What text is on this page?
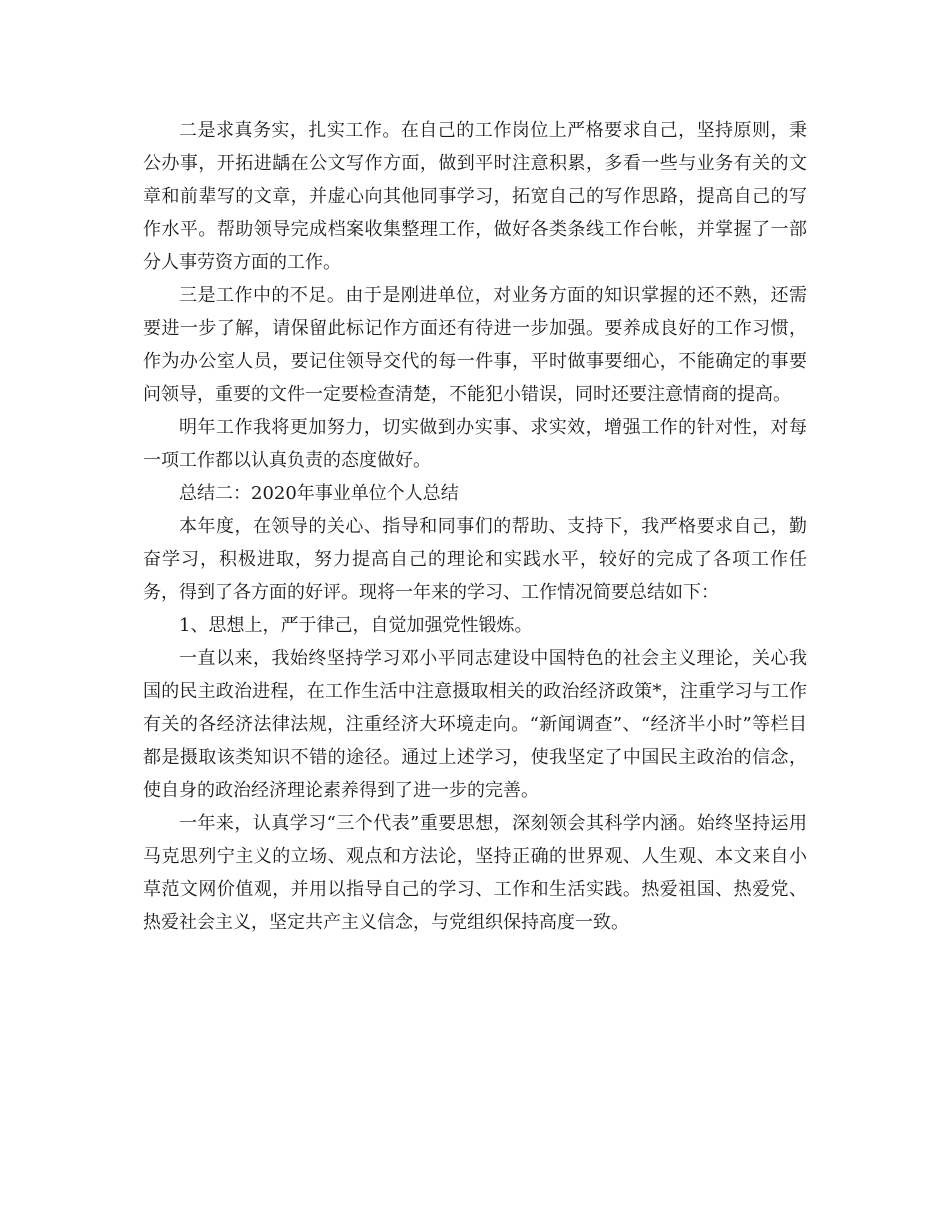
二是求真务实，扎实工作。在自己的工作岗位上严格要求自己，坚持原则，秉公办事，开拓进龋在公文写作方面，做到平时注意积累，多看一些与业务有关的文章和前辈写的文章，并虚心向其他同事学习，拓宽自己的写作思路，提高自己的写作水平。帮助领导完成档案收集整理工作，做好各类条线工作台帐，并掌握了一部分人事劳资方面的工作。

三是工作中的不足。由于是刚进单位，对业务方面的知识掌握的还不熟，还需要进一步了解，请保留此标记作方面还有待进一步加强。要养成良好的工作习惯，作为办公室人员，要记住领导交代的每一件事，平时做事要细心，不能确定的事要问领导，重要的文件一定要检查清楚，不能犯小错误，同时还要注意情商的提高。

明年工作我将更加努力，切实做到办实事、求实效，增强工作的针对性，对每一项工作都以认真负责的态度做好。

总结二：2020年事业单位个人总结

本年度，在领导的关心、指导和同事们的帮助、支持下，我严格要求自己，勤奋学习，积极进取，努力提高自己的理论和实践水平，较好的完成了各项工作任务，得到了各方面的好评。现将一年来的学习、工作情况简要总结如下：

1、思想上，严于律己，自觉加强党性锻炼。

一直以来，我始终坚持学习邓小平同志建设中国特色的社会主义理论，关心我国的民主政治进程，在工作生活中注意摄取相关的政治经济政策*，注重学习与工作有关的各经济法律法规，注重经济大环境走向。“新闻调查”、“经济半小时”等栏目都是摄取该类知识不错的途径。通过上述学习，使我坚定了中国民主政治的信念，使自身的政治经济理论素养得到了进一步的完善。

一年来，认真学习“三个代表”重要思想，深刻领会其科学内涵。始终坚持运用马克思列宁主义的立场、观点和方法论，坚持正确的世界观、人生观、本文来自小草范文网价值观，并用以指导自己的学习、工作和生活实践。热爱祖国、热爱党、热爱社会主义，坚定共产主义信念，与党组织保持高度一致。
